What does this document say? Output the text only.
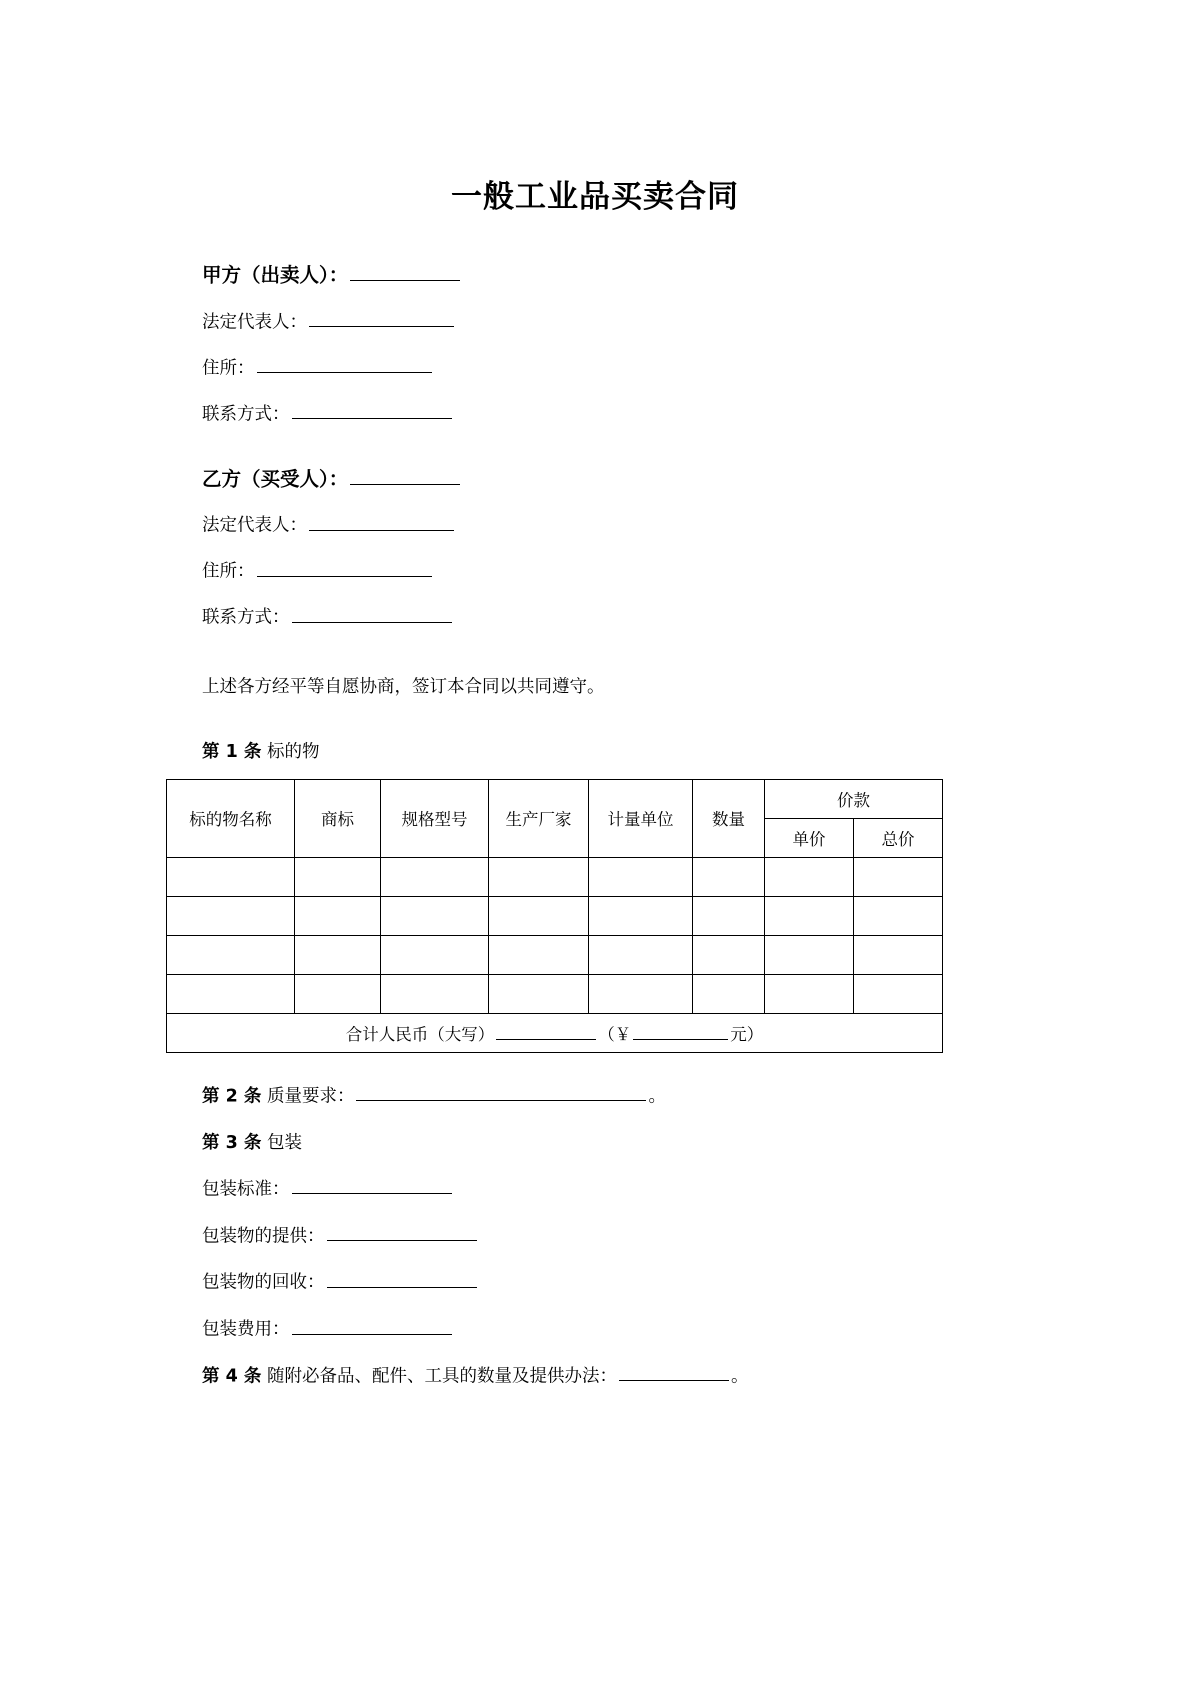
一般工业品买卖合同
甲方（出卖人）：
法定代表人：
住所：
联系方式：
乙方（买受人）：
法定代表人：
住所：
联系方式：
上述各方经平等自愿协商，签订本合同以共同遵守。
第 1 条 标的物
标的物名称	商标	规格型号	生产厂家	计量单位	数量	价款	
						单价	总价

合计人民币（大写） （￥ 元）							
第 2 条 质量要求：	。
第 3 条 包装
包装标准：
包装物的提供：
包装物的回收：
包装费用：
第 4 条 随附必备品、配件、工具的数量及提供办法：	。
